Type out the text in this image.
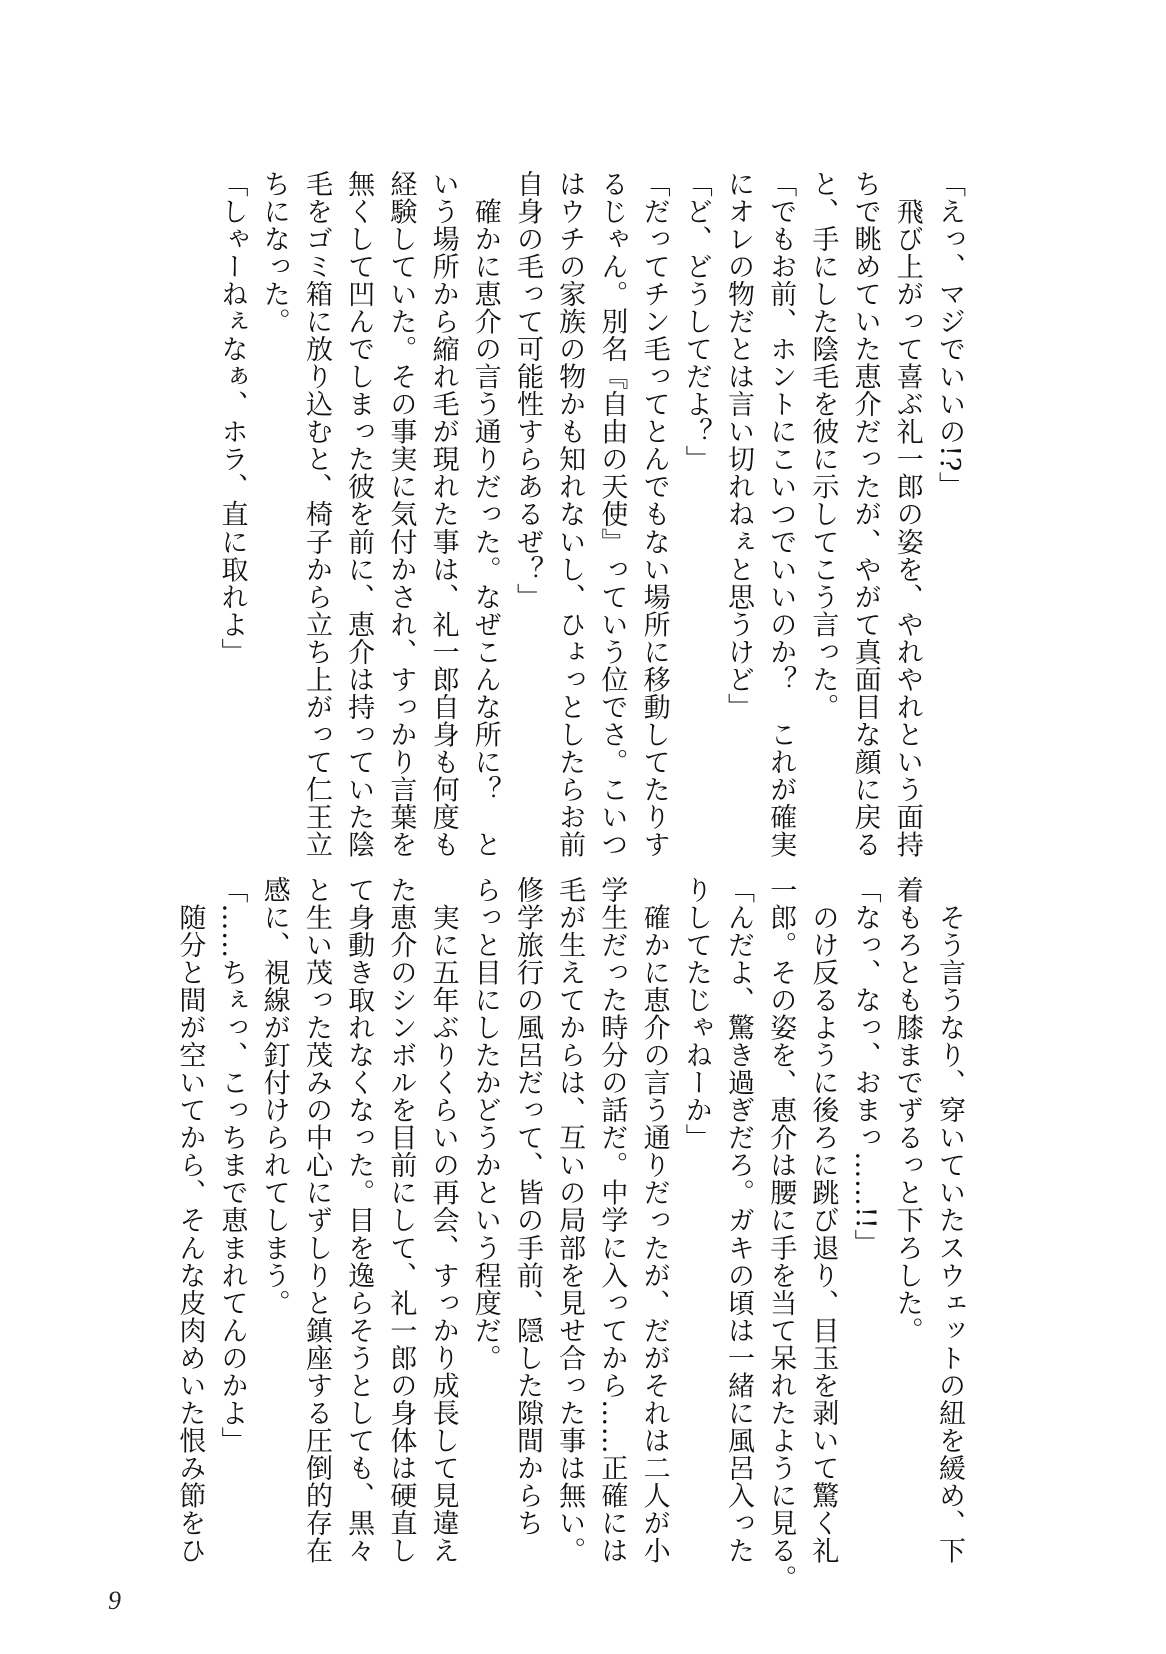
「えっ、マジでいいの!?」
　飛び上がって喜ぶ礼一郎の姿を、やれやれという面持
ちで眺めていた恵介だったが、やがて真面目な顔に戻る
と、手にした陰毛を彼に示してこう言った。
「でもお前、ホントにこいつでいいのか？　これが確実
にオレの物だとは言い切れねぇと思うけど」
「ど、どうしてだよ？」
「だってチン毛ってとんでもない場所に移動してたりす
るじゃん。別名『自由の天使』っていう位でさ。こいつ
はウチの家族の物かも知れないし、ひょっとしたらお前
自身の毛って可能性すらあるぜ？」
　確かに恵介の言う通りだった。なぜこんな所に？　と
いう場所から縮れ毛が現れた事は、礼一郎自身も何度も
経験していた。その事実に気付かされ、すっかり言葉を
無くして凹んでしまった彼を前に、恵介は持っていた陰
毛をゴミ箱に放り込むと、椅子から立ち上がって仁王立
ちになった。
「しゃーねぇなぁ、ホラ、直に取れよ」
　そう言うなり、穿いていたスウェットの紐を緩め、下
着もろとも膝までずるっと下ろした。
「なっ、なっ、おまっ……!!」
　のけ反るように後ろに跳び退り、目玉を剥いて驚く礼
一郎。その姿を、恵介は腰に手を当て呆れたように見る。
「んだよ、驚き過ぎだろ。ガキの頃は一緒に風呂入った
りしてたじゃねーか」
　確かに恵介の言う通りだったが、だがそれは二人が小
学生だった時分の話だ。中学に入ってから……正確には
毛が生えてからは、互いの局部を見せ合った事は無い。
修学旅行の風呂だって、皆の手前、隠した隙間からち
らっと目にしたかどうかという程度だ。
　実に五年ぶりくらいの再会、すっかり成長して見違え
た恵介のシンボルを目前にして、礼一郎の身体は硬直し
て身動き取れなくなった。目を逸らそうとしても、黒々
と生い茂った茂みの中心にずしりと鎮座する圧倒的存在
感に、視線が釘付けられてしまう。
「……ちぇっ、こっちまで恵まれてんのかよ」
　随分と間が空いてから、そんな皮肉めいた恨み節をひ
9
